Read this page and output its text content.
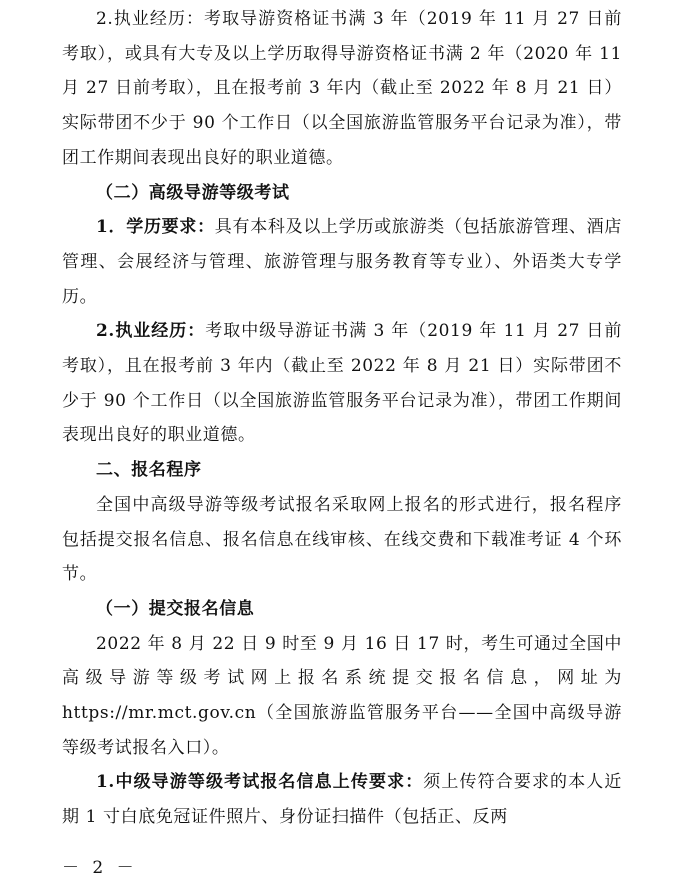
2.执业经历：考取导游资格证书满 3 年（2019 年 11 月 27 日前考取），或具有大专及以上学历取得导游资格证书满 2 年（2020 年 11 月 27 日前考取），且在报考前 3 年内（截止至 2022 年 8 月 21 日）实际带团不少于 90 个工作日（以全国旅游监管服务平台记录为准），带团工作期间表现出良好的职业道德。

（二）高级导游等级考试

1．学历要求：具有本科及以上学历或旅游类（包括旅游管理、酒店管理、会展经济与管理、旅游管理与服务教育等专业）、外语类大专学历。

2.执业经历：考取中级导游证书满 3 年（2019 年 11 月 27 日前考取），且在报考前 3 年内（截止至 2022 年 8 月 21 日）实际带团不少于 90 个工作日（以全国旅游监管服务平台记录为准），带团工作期间表现出良好的职业道德。

二、报名程序

全国中高级导游等级考试报名采取网上报名的形式进行，报名程序包括提交报名信息、报名信息在线审核、在线交费和下载准考证 4 个环节。

（一）提交报名信息

2022 年 8 月 22 日 9 时至 9 月 16 日 17 时，考生可通过全国中高级导游等级考试网上报名系统提交报名信息，网址为 https://mr.mct.gov.cn（全国旅游监管服务平台——全国中高级导游等级考试报名入口）。

1.中级导游等级考试报名信息上传要求：须上传符合要求的本人近期 1 寸白底免冠证件照片、身份证扫描件（包括正、反两

－ 2 －
